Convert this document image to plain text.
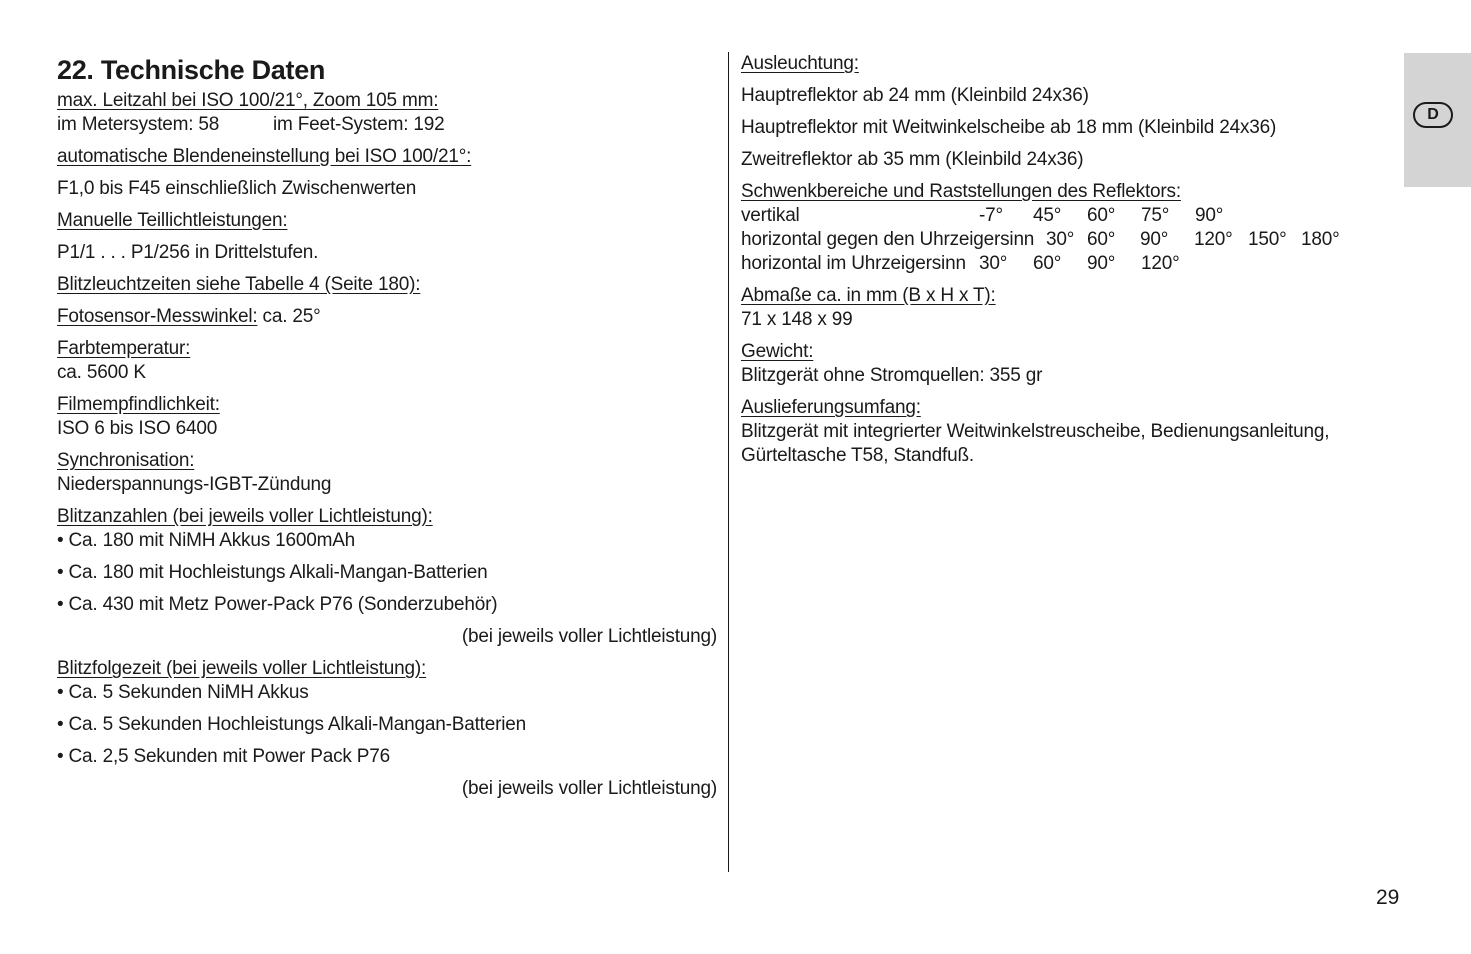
22. Technische Daten
max. Leitzahl bei ISO 100/21°, Zoom 105 mm:
im Metersystem: 58	im Feet-System: 192
automatische Blendeneinstellung bei ISO 100/21°:
F1,0 bis F45 einschließlich Zwischenwerten
Manuelle Teillichtleistungen:
P1/1 . . . P1/256 in Drittelstufen.
Blitzleuchtzeiten siehe Tabelle 4 (Seite 180):
Fotosensor-Messwinkel: ca. 25°
Farbtemperatur:
ca. 5600 K
Filmempfindlichkeit:
ISO 6 bis ISO 6400
Synchronisation:
Niederspannungs-IGBT-Zündung
Blitzanzahlen (bei jeweils voller Lichtleistung):
• Ca. 180 mit NiMH Akkus 1600mAh
• Ca. 180 mit Hochleistungs Alkali-Mangan-Batterien
• Ca. 430 mit Metz Power-Pack P76 (Sonderzubehör)
(bei jeweils voller Lichtleistung)
Blitzfolgezeit (bei jeweils voller Lichtleistung):
• Ca. 5 Sekunden NiMH Akkus
• Ca. 5 Sekunden Hochleistungs Alkali-Mangan-Batterien
• Ca. 2,5 Sekunden mit Power Pack P76
(bei jeweils voller Lichtleistung)
Ausleuchtung:
Hauptreflektor ab 24 mm (Kleinbild 24x36)
Hauptreflektor mit Weitwinkelscheibe ab 18 mm (Kleinbild 24x36)
Zweitreflektor ab 35 mm (Kleinbild 24x36)
Schwenkbereiche und Raststellungen des Reflektors:
vertikal	-7° 45° 60° 75° 90°
horizontal gegen den Uhrzeigersinn 30° 60° 90° 120° 150° 180°
horizontal im Uhrzeigersinn 30° 60° 90° 120°
Abmaße ca. in mm (B x H x T):
71 x 148 x 99
Gewicht:
Blitzgerät ohne Stromquellen: 355 gr
Auslieferungsumfang:
Blitzgerät mit integrierter Weitwinkelstreuscheibe, Bedienungsanleitung,
Gürteltasche T58, Standfuß.
D
29
